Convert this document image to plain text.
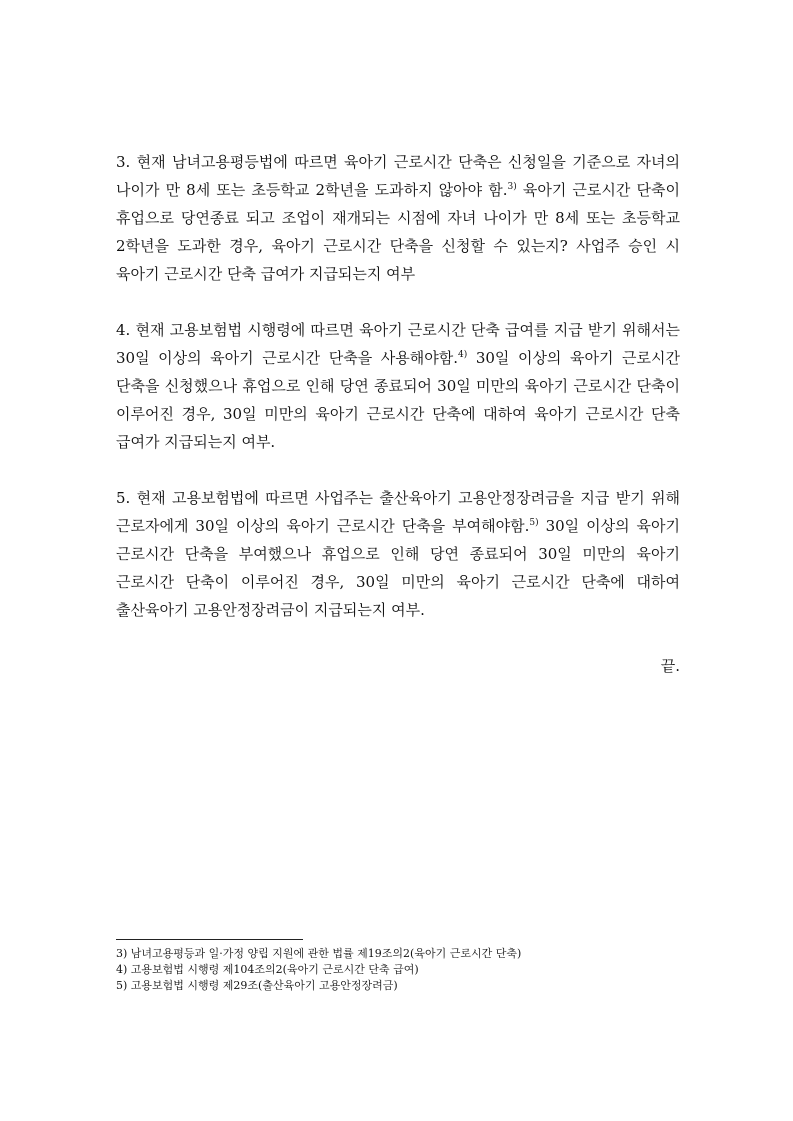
3. 현재 남녀고용평등법에 따르면 육아기 근로시간 단축은 신청일을 기준으로 자녀의 나이가 만 8세 또는 초등학교 2학년을 도과하지 않아야 함.$^{3)}$ 육아기 근로시간 단축이 휴업으로 당연종료 되고 조업이 재개되는 시점에 자녀 나이가 만 8세 또는 초등학교 2학년을 도과한 경우, 육아기 근로시간 단축을 신청할 수 있는지? 사업주 승인 시 육아기 근로시간 단축 급여가 지급되는지 여부

4. 현재 고용보험법 시행령에 따르면 육아기 근로시간 단축 급여를 지급 받기 위해서는 30일 이상의 육아기 근로시간 단축을 사용해야함.$^{4)}$ 30일 이상의 육아기 근로시간 단축을 신청했으나 휴업으로 인해 당연 종료되어 30일 미만의 육아기 근로시간 단축이 이루어진 경우, 30일 미만의 육아기 근로시간 단축에 대하여 육아기 근로시간 단축 급여가 지급되는지 여부.

5. 현재 고용보험법에 따르면 사업주는 출산육아기 고용안정장려금을 지급 받기 위해 근로자에게 30일 이상의 육아기 근로시간 단축을 부여해야함.$^{5)}$ 30일 이상의 육아기 근로시간 단축을 부여했으나 휴업으로 인해 당연 종료되어 30일 미만의 육아기 근로시간 단축이 이루어진 경우, 30일 미만의 육아기 근로시간 단축에 대하여 출산육아기 고용안정장려금이 지급되는지 여부.

끝.

3) 남녀고용평등과 일·가정 양립 지원에 관한 법률 제19조의2(육아기 근로시간 단축)

4) 고용보험법 시행령 제104조의2(육아기 근로시간 단축 급여)

5) 고용보험법 시행령 제29조(출산육아기 고용안정장려금)
